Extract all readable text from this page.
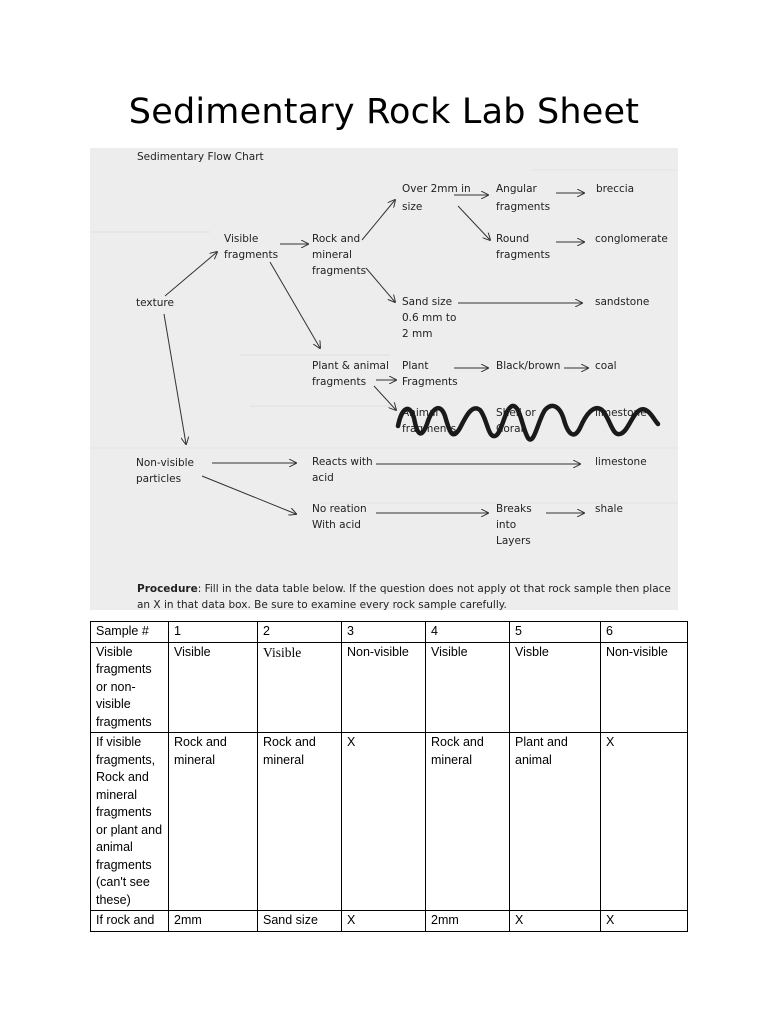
Sedimentary Rock Lab Sheet
Sedimentary Flow Chart
texture
Visible
fragments
Rock and
mineral
fragments
Over 2mm in
size
Angular
fragments
breccia
Round
fragments
conglomerate
Sand size
0.6 mm to
2 mm
sandstone
Plant & animal
fragments
Plant
Fragments
Black/brown	coal
Animal
fragments
Shell or
Coral
limestone
Non-visible
particles
Reacts with
acid
limestone
No reation
With acid
Breaks
into
Layers
shale
Procedure: Fill in the data table below. If the question does not apply ot that rock sample then place
an X in that data box. Be sure to examine every rock sample carefully.
Sample #	1	2	3	4	5	6
Visible fragments or non-visible fragments	Visible	Visible	Non-visible	Visible	Visble	Non-visible
If visible fragments, Rock and mineral fragments or plant and animal fragments (can't see these)	Rock and mineral	Rock and mineral	X	Rock and mineral	Plant and animal	X
If rock and	2mm	Sand size	X	2mm	X	X
